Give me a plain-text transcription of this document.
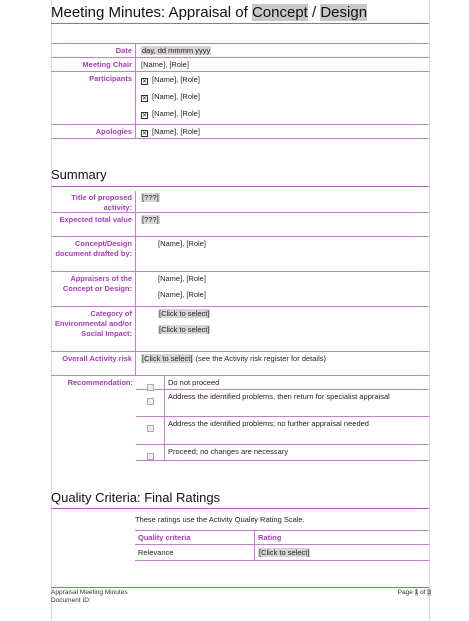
Meeting Minutes: Appraisal of Concept / Design
Date	day, dd mmmm yyyy
Meeting Chair	[Name], [Role]
Participants	✕ [Name], [Role]
✕ [Name], [Role]
✕ [Name], [Role]
Apologies	✕ [Name], [Role]
Summary
Title of proposed activity:
[???]
Expected total value	[???]
Concept/Design document drafted by:
[Name], [Role]
Appraisers of the Concept or Design:
[Name], [Role]
[Name], [Role]
Category of Environmental and/or Social Impact:
[Click to select]
[Click to select]
Overall Activity risk	[Click to select] (see the Activity risk register for details)
Recommendation:	Do not proceed
Address the identified problems, then return for specialist appraisal
Address the identified problems; no further appraisal needed
Proceed; no changes are necessary
Quality Criteria: Final Ratings
These ratings use the Activity Quality Rating Scale.
Quality criteria	Rating
Relevance	[Click to select]
Appraisal Meeting Minutes
Document ID:
Page 1 of 3
